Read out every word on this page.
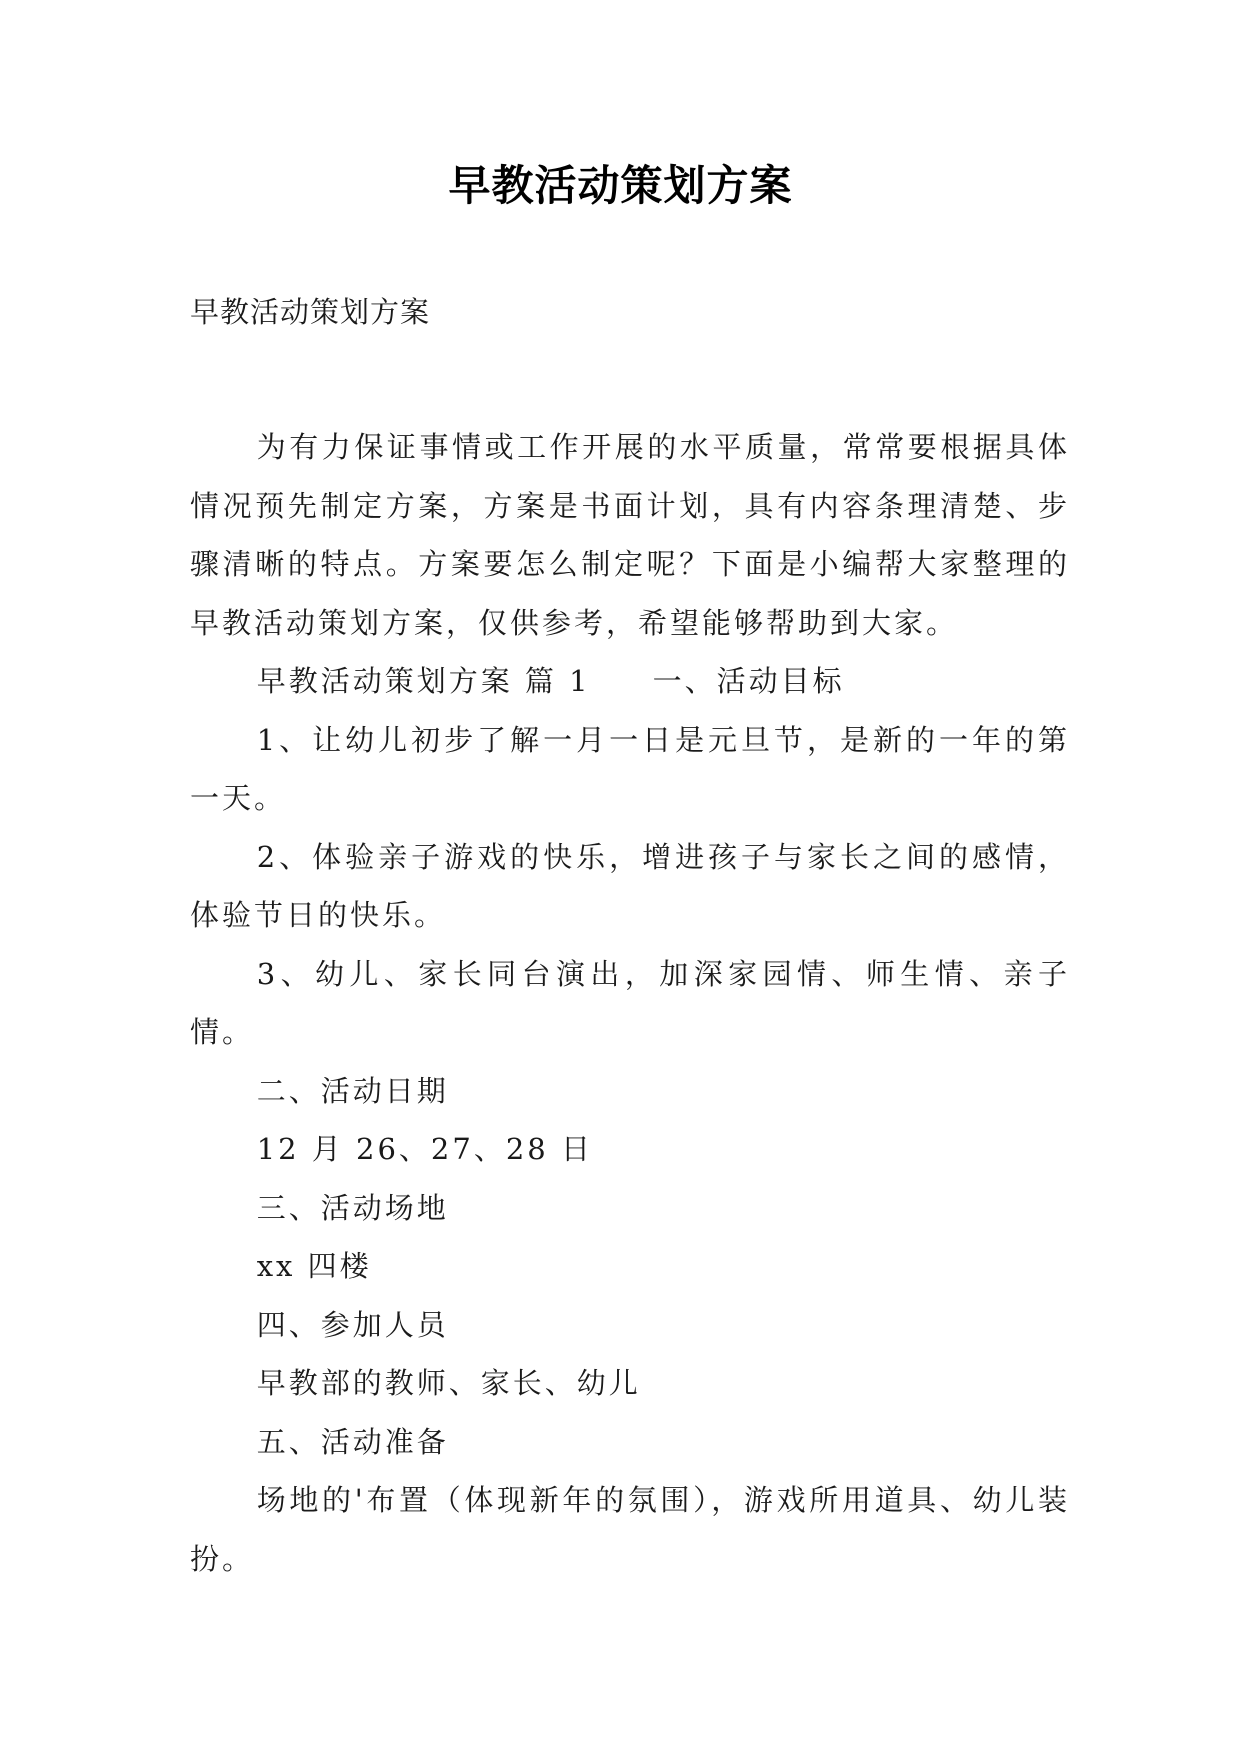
早教活动策划方案
早教活动策划方案

为有力保证事情或工作开展的水平质量，常常要根据具体情况预先制定方案，方案是书面计划，具有内容条理清楚、步骤清晰的特点。方案要怎么制定呢？下面是小编帮大家整理的早教活动策划方案，仅供参考，希望能够帮助到大家。

早教活动策划方案 篇 1 一、活动目标

1、让幼儿初步了解一月一日是元旦节，是新的一年的第一天。

2、体验亲子游戏的快乐，增进孩子与家长之间的感情，体验节日的快乐。

3、幼儿、家长同台演出，加深家园情、师生情、亲子情。

二、活动日期

12 月 26、27、28 日

三、活动场地

xx 四楼

四、参加人员

早教部的教师、家长、幼儿

五、活动准备

场地的'布置（体现新年的氛围），游戏所用道具、幼儿装扮。
